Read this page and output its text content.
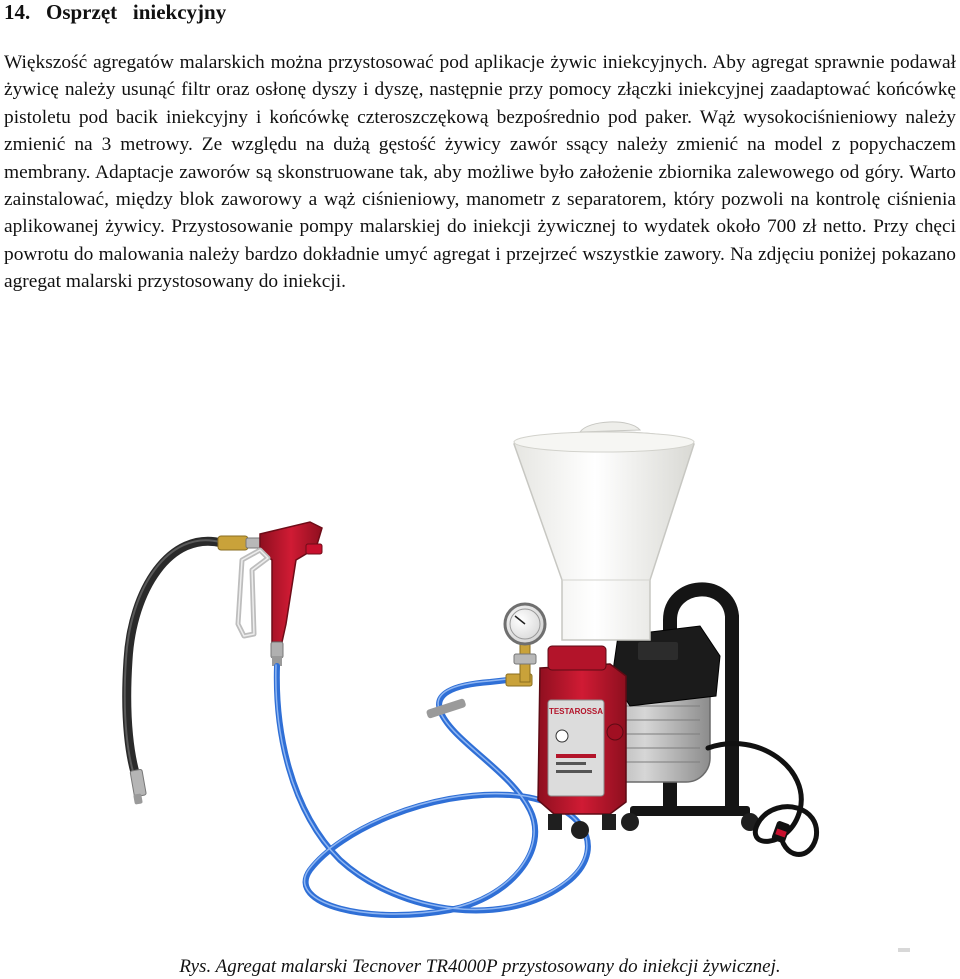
14.   Osprzęt   iniekcyjny

Większość agregatów malarskich można przystosować pod aplikacje żywic iniekcyjnych. Aby agregat sprawnie podawał żywicę należy usunąć filtr oraz osłonę dyszy i dyszę, następnie przy pomocy złączki iniekcyjnej zaadaptować końcówkę pistoletu pod bacik iniekcyjny i końcówkę czteroszczękową bezpośrednio pod paker. Wąż wysokociśnieniowy należy zmienić na 3 metrowy. Ze względu na dużą gęstość żywicy zawór ssący należy zmienić na model z popychaczem membrany. Adaptacje zaworów są skonstruowane tak, aby możliwe było założenie zbiornika zalewowego od góry. Warto zainstalować, między blok zaworowy a wąż ciśnieniowy, manometr z separatorem, który pozwoli na kontrolę ciśnienia aplikowanej żywicy. Przystosowanie pompy malarskiej do iniekcji żywicznej to wydatek około 700 zł netto. Przy chęci powrotu do malowania należy bardzo dokładnie umyć agregat i przejrzeć wszystkie zawory. Na zdjęciu poniżej pokazano agregat malarski przystosowany do iniekcji.

TESTAROSSA

Rys. Agregat malarski Tecnover TR4000P przystosowany do iniekcji żywicznej.
